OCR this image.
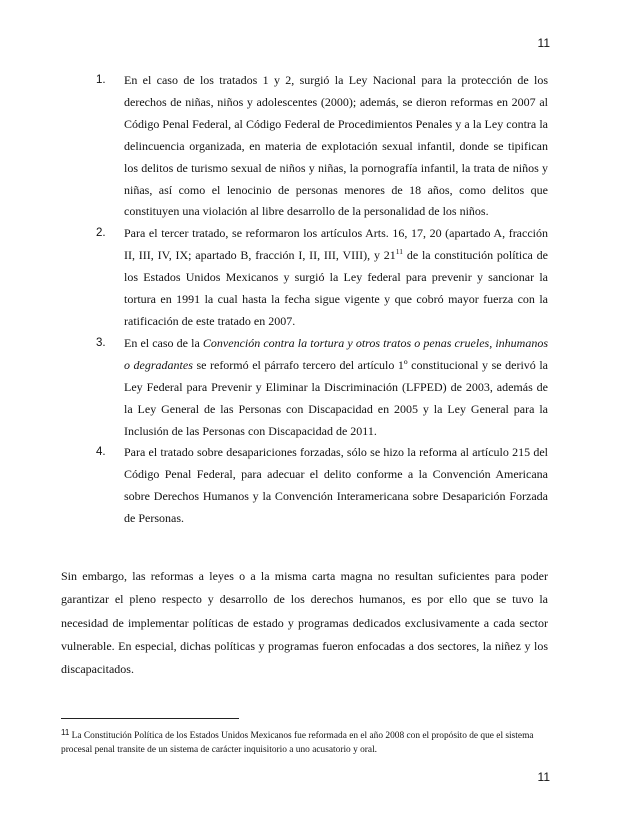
11
1. En el caso de los tratados 1 y 2, surgió la Ley Nacional para la protección de los derechos de niñas, niños y adolescentes (2000); además, se dieron reformas en 2007 al Código Penal Federal, al Código Federal de Procedimientos Penales y a la Ley contra la delincuencia organizada, en materia de explotación sexual infantil, donde se tipifican los delitos de turismo sexual de niños y niñas, la pornografía infantil, la trata de niños y niñas, así como el lenocinio de personas menores de 18 años, como delitos que constituyen una violación al libre desarrollo de la personalidad de los niños.
2. Para el tercer tratado, se reformaron los artículos Arts. 16, 17, 20 (apartado A, fracción II, III, IV, IX; apartado B, fracción I, II, III, VIII), y $21^{11}$ de la constitución política de los Estados Unidos Mexicanos y surgió la Ley federal para prevenir y sancionar la tortura en 1991 la cual hasta la fecha sigue vigente y que cobró mayor fuerza con la ratificación de este tratado en 2007.
3. En el caso de la Convención contra la tortura y otros tratos o penas crueles, inhumanos o degradantes se reformó el párrafo tercero del artículo 1º constitucional y se derivó la Ley Federal para Prevenir y Eliminar la Discriminación (LFPED) de 2003, además de la Ley General de las Personas con Discapacidad en 2005 y la Ley General para la Inclusión de las Personas con Discapacidad de 2011.
4. Para el tratado sobre desapariciones forzadas, sólo se hizo la reforma al artículo 215 del Código Penal Federal, para adecuar el delito conforme a la Convención Americana sobre Derechos Humanos y la Convención Interamericana sobre Desaparición Forzada de Personas.

Sin embargo, las reformas a leyes o a la misma carta magna no resultan suficientes para poder garantizar el pleno respecto y desarrollo de los derechos humanos, es por ello que se tuvo la necesidad de implementar políticas de estado y programas dedicados exclusivamente a cada sector vulnerable. En especial, dichas políticas y programas fueron enfocadas a dos sectores, la niñez y los discapacitados.

11 La Constitución Política de los Estados Unidos Mexicanos fue reformada en el año 2008 con el propósito de que el sistema procesal penal transite de un sistema de carácter inquisitorio a uno acusatorio y oral.

11
